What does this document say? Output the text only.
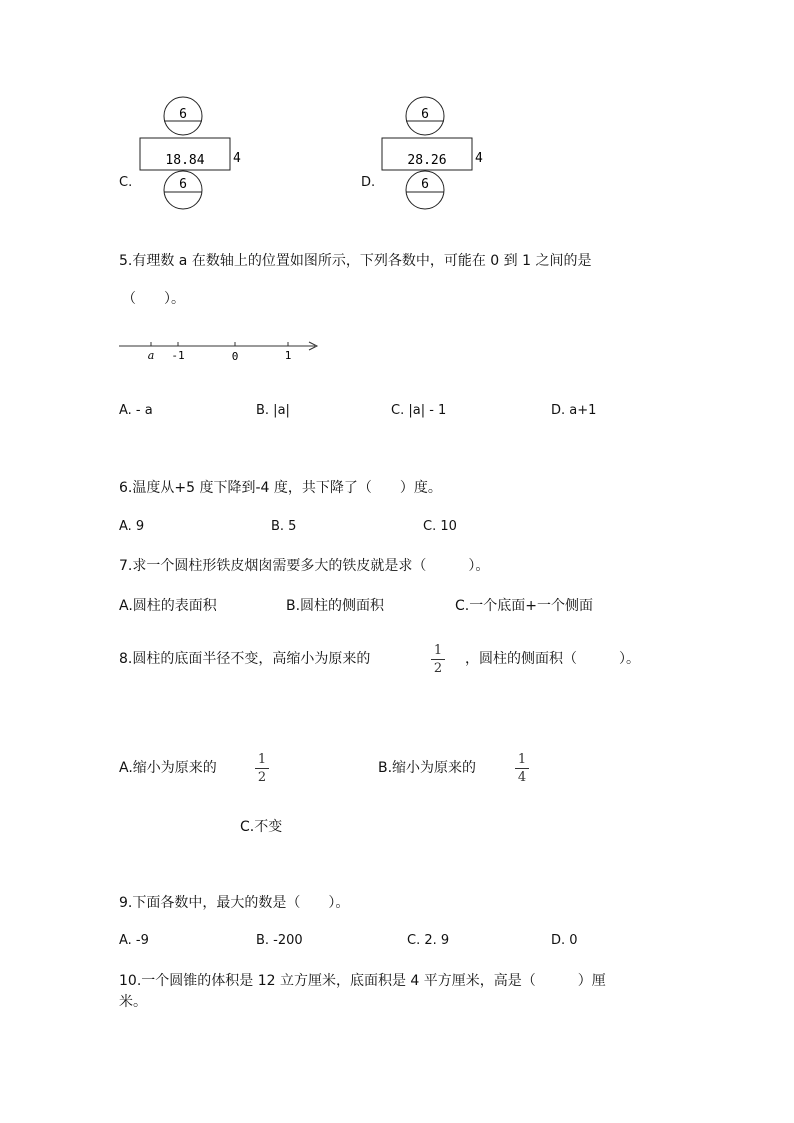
C.
6
18.84 4
6	D.
6
28.26 4
6
5.有理数 a 在数轴上的位置如图所示，下列各数中，可能在 0 到 1 之间的是
（　　）。
a -1	0	1
A. - a	B. |a|	C. |a| - 1	D. a+1
6.温度从+5 度下降到-4 度，共下降了（　　）度。
A. 9	B. 5	C. 10
7.求一个圆柱形铁皮烟囱需要多大的铁皮就是求（　　　）。
A.圆柱的表面积	B.圆柱的侧面积	C.一个底面+一个侧面
8.圆柱的底面半径不变，高缩小为原来的
1
2
，圆柱的侧面积（　　　）。
A.缩小为原来的
1
2
B.缩小为原来的
1
4
C.不变
9.下面各数中，最大的数是（　　）。
A. -9	B. -200	C. 2. 9	D. 0
10.一个圆锥的体积是 12 立方厘米，底面积是 4 平方厘米，高是（　　　）厘
米。
